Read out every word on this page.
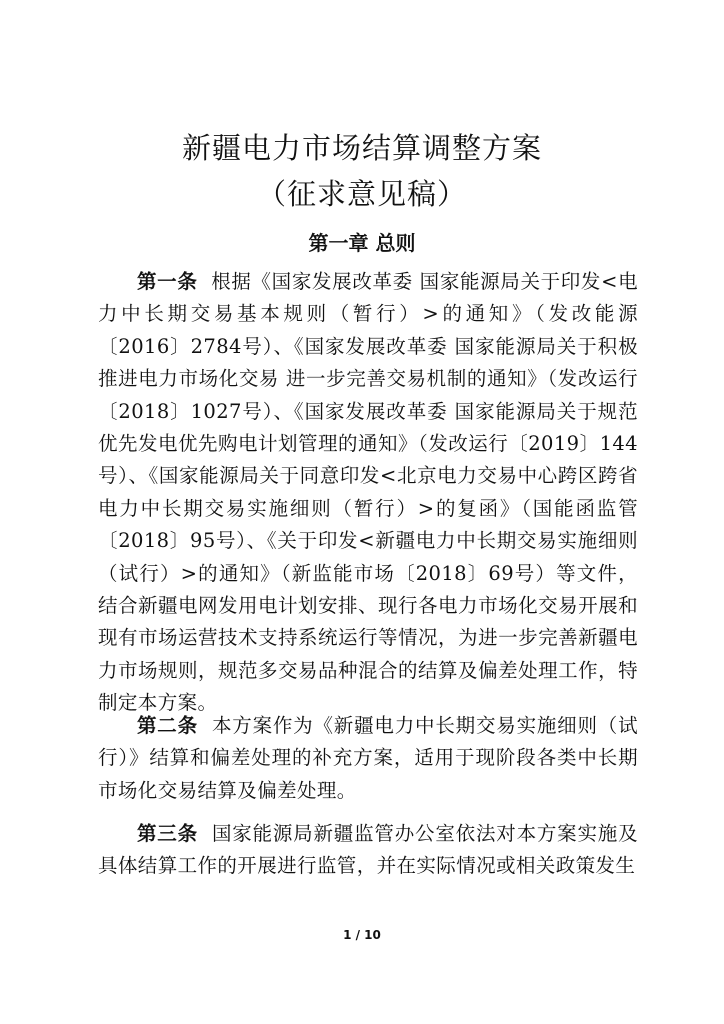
新疆电力市场结算调整方案
（征求意见稿）
第一章 总则

第一条 根据《国家发展改革委 国家能源局关于印发<电力中长期交易基本规则（暂行）>的通知》（发改能源〔2016〕2784号）、《国家发展改革委 国家能源局关于积极推进电力市场化交易 进一步完善交易机制的通知》（发改运行〔2018〕1027号）、《国家发展改革委 国家能源局关于规范优先发电优先购电计划管理的通知》（发改运行〔2019〕144号）、《国家能源局关于同意印发<北京电力交易中心跨区跨省电力中长期交易实施细则（暂行）>的复函》（国能函监管〔2018〕95号）、《关于印发<新疆电力中长期交易实施细则（试行）>的通知》（新监能市场〔2018〕69号）等文件，结合新疆电网发用电计划安排、现行各电力市场化交易开展和现有市场运营技术支持系统运行等情况，为进一步完善新疆电力市场规则，规范多交易品种混合的结算及偏差处理工作，特制定本方案。

第二条 本方案作为《新疆电力中长期交易实施细则（试行）》结算和偏差处理的补充方案，适用于现阶段各类中长期市场化交易结算及偏差处理。

第三条 国家能源局新疆监管办公室依法对本方案实施及具体结算工作的开展进行监管，并在实际情况或相关政策发生

1 / 10
